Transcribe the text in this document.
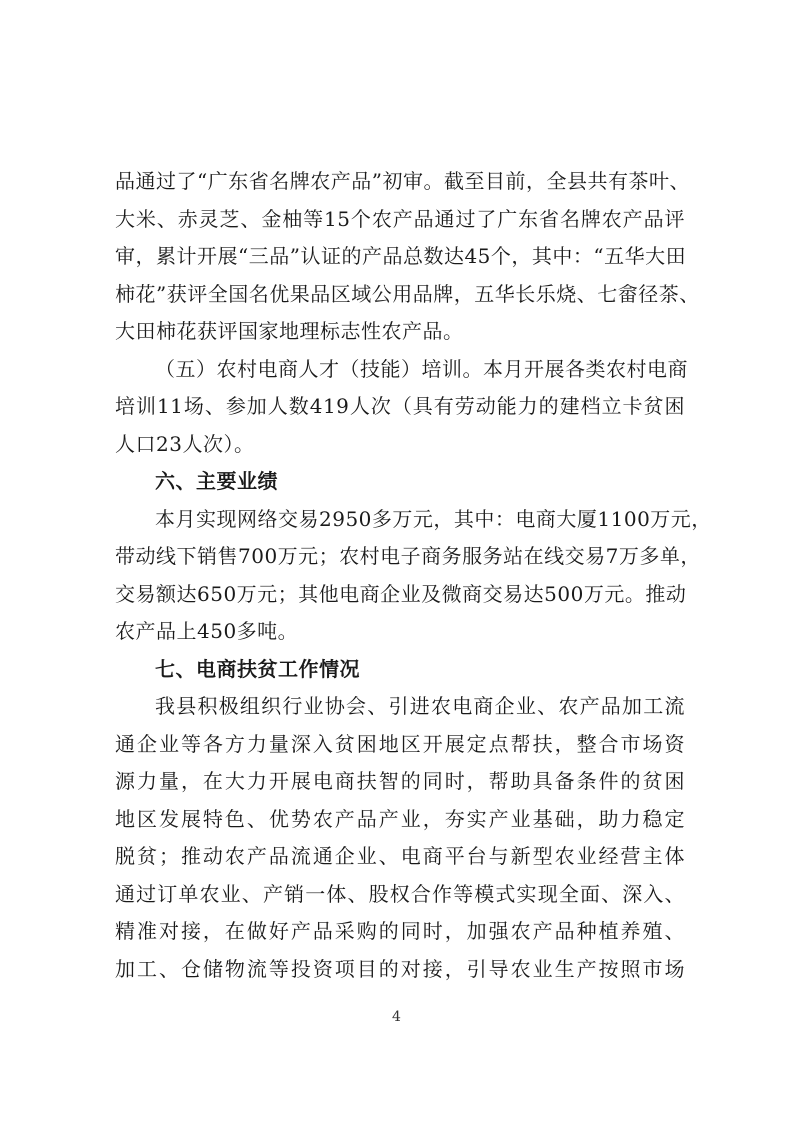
品通过了“广东省名牌农产品”初审。截至目前，全县共有茶叶、
大米、赤灵芝、金柚等15个农产品通过了广东省名牌农产品评
审，累计开展“三品”认证的产品总数达45个，其中：“五华大田
柿花”获评全国名优果品区域公用品牌，五华长乐烧、七畲径茶、
大田柿花获评国家地理标志性农产品。
（五）农村电商人才（技能）培训。本月开展各类农村电商
培训11场、参加人数419人次（具有劳动能力的建档立卡贫困
人口23人次）。
六、主要业绩
本月实现网络交易2950多万元，其中：电商大厦1100万元，
带动线下销售700万元；农村电子商务服务站在线交易7万多单，
交易额达650万元；其他电商企业及微商交易达500万元。推动
农产品上450多吨。
七、电商扶贫工作情况
我县积极组织行业协会、引进农电商企业、农产品加工流
通企业等各方力量深入贫困地区开展定点帮扶，整合市场资
源力量，在大力开展电商扶智的同时，帮助具备条件的贫困
地区发展特色、优势农产品产业，夯实产业基础，助力稳定
脱贫；推动农产品流通企业、电商平台与新型农业经营主体
通过订单农业、产销一体、股权合作等模式实现全面、深入、
精准对接，在做好产品采购的同时，加强农产品种植养殖、
加工、仓储物流等投资项目的对接，引导农业生产按照市场
4
